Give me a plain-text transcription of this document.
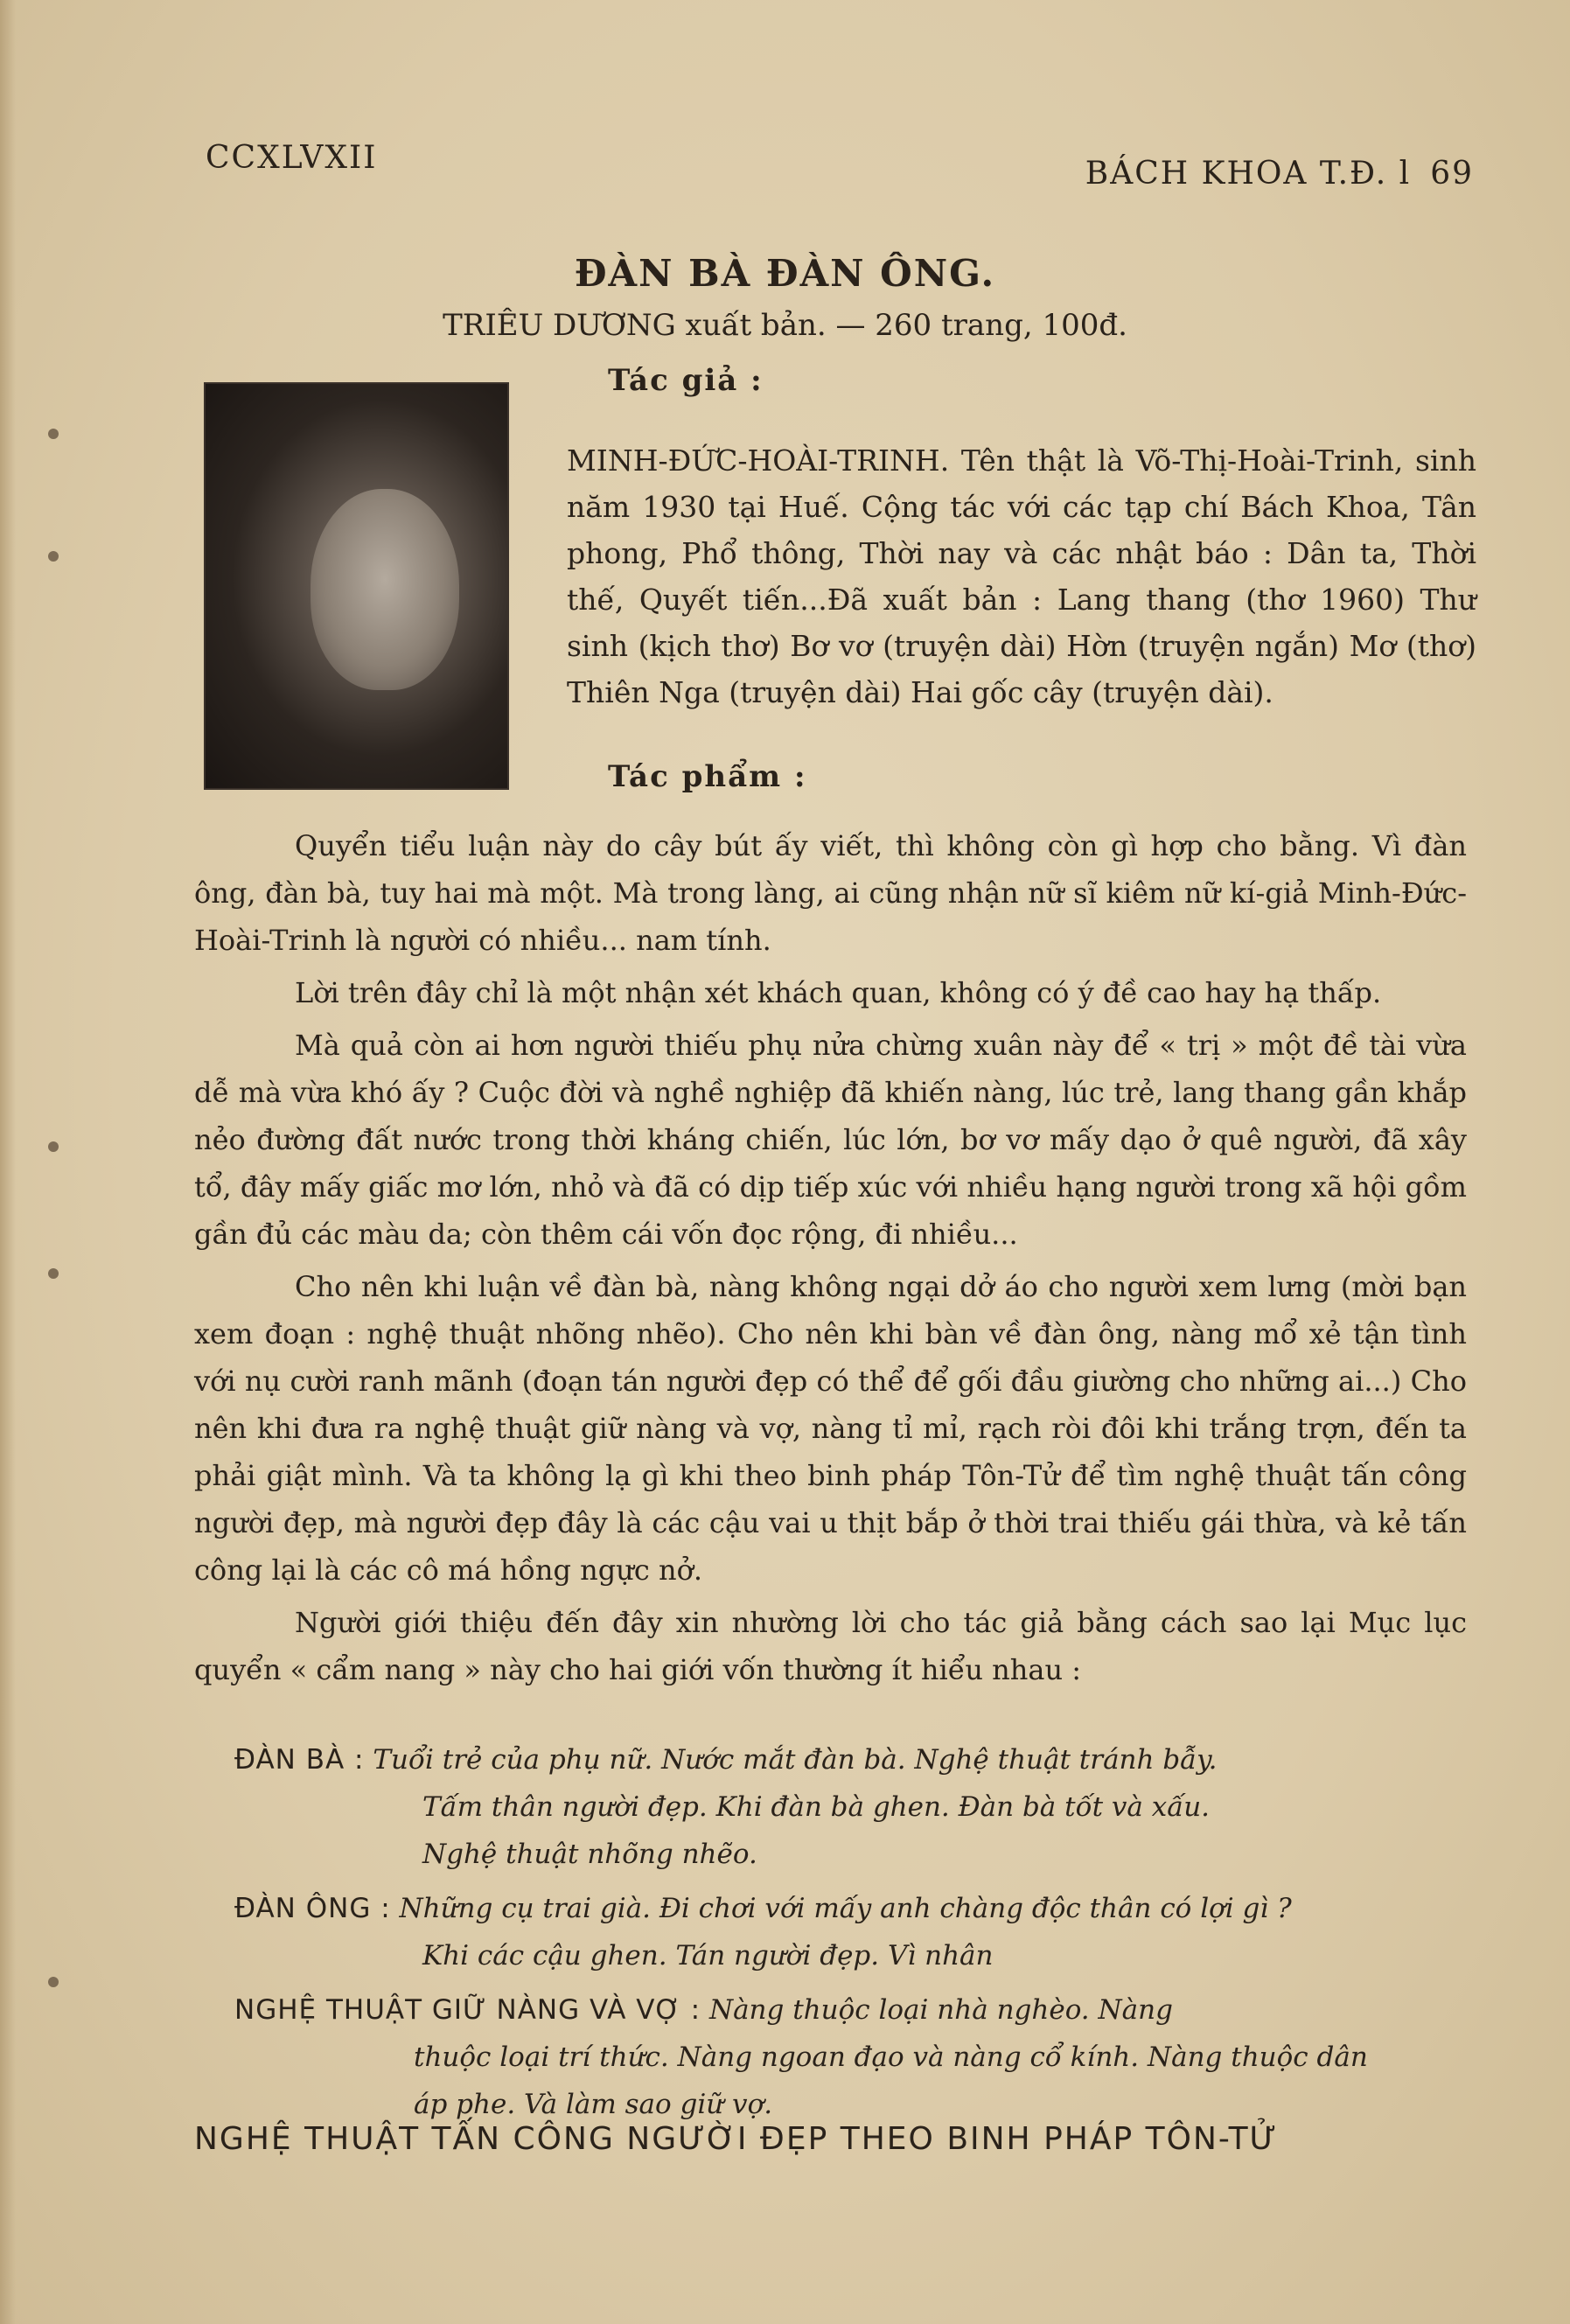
CCXLVXII	BÁCH KHOA T.Đ. l 69
ĐÀN BÀ ĐÀN ÔNG.
TRIÊU DƯƠNG xuất bản. — 260 trang, 100đ.
Tác giả :

MINH-ĐỨC-HOÀI-TRINH. Tên thật là Võ-Thị-Hoài-Trinh, sinh năm 1930 tại Huế. Cộng tác với các tạp chí Bách Khoa, Tân phong, Phổ thông, Thời nay và các nhật báo : Dân ta, Thời thế, Quyết tiến...Đã xuất bản : Lang thang (thơ 1960) Thư sinh (kịch thơ) Bơ vơ (truyện dài) Hờn (truyện ngắn) Mơ (thơ) Thiên Nga (truyện dài) Hai gốc cây (truyện dài).

Tác phẩm :

Quyển tiểu luận này do cây bút ấy viết, thì không còn gì hợp cho bằng. Vì đàn ông, đàn bà, tuy hai mà một. Mà trong làng, ai cũng nhận nữ sĩ kiêm nữ kí-giả Minh-Đức-Hoài-Trinh là người có nhiều... nam tính.

Lời trên đây chỉ là một nhận xét khách quan, không có ý đề cao hay hạ thấp.

Mà quả còn ai hơn người thiếu phụ nửa chừng xuân này để « trị » một đề tài vừa dễ mà vừa khó ấy ? Cuộc đời và nghề nghiệp đã khiến nàng, lúc trẻ, lang thang gần khắp nẻo đường đất nước trong thời kháng chiến, lúc lớn, bơ vơ mấy dạo ở quê người, đã xây tổ, đây mấy giấc mơ lớn, nhỏ và đã có dịp tiếp xúc với nhiều hạng người trong xã hội gồm gần đủ các màu da; còn thêm cái vốn đọc rộng, đi nhiều...

Cho nên khi luận về đàn bà, nàng không ngại dở áo cho người xem lưng (mời bạn xem đoạn : nghệ thuật nhõng nhẽo). Cho nên khi bàn về đàn ông, nàng mổ xẻ tận tình với nụ cười ranh mãnh (đoạn tán người đẹp có thể để gối đầu giường cho những ai...) Cho nên khi đưa ra nghệ thuật giữ nàng và vợ, nàng tỉ mỉ, rạch ròi đôi khi trắng trợn, đến ta phải giật mình. Và ta không lạ gì khi theo binh pháp Tôn-Tử để tìm nghệ thuật tấn công người đẹp, mà người đẹp đây là các cậu vai u thịt bắp ở thời trai thiếu gái thừa, và kẻ tấn công lại là các cô má hồng ngực nở.

Người giới thiệu đến đây xin nhường lời cho tác giả bằng cách sao lại Mục lục quyển « cẩm nang » này cho hai giới vốn thường ít hiểu nhau :

ĐÀN BÀ : Tuổi trẻ của phụ nữ. Nước mắt đàn bà. Nghệ thuật tránh bẫy.
Tấm thân người đẹp. Khi đàn bà ghen. Đàn bà tốt và xấu.
Nghệ thuật nhõng nhẽo.
ĐÀN ÔNG : Những cụ trai già. Đi chơi với mấy anh chàng độc thân có lợi gì ?
Khi các cậu ghen. Tán người đẹp. Vì nhân
NGHỆ THUẬT GIỮ NÀNG VÀ VỢ : Nàng thuộc loại nhà nghèo. Nàng
thuộc loại trí thức. Nàng ngoan đạo và nàng cổ kính. Nàng thuộc dân
áp phe. Và làm sao giữ vợ.
NGHỆ THUẬT TẤN CÔNG NGƯỜI ĐẸP THEO BINH PHÁP TÔN-TỬ
